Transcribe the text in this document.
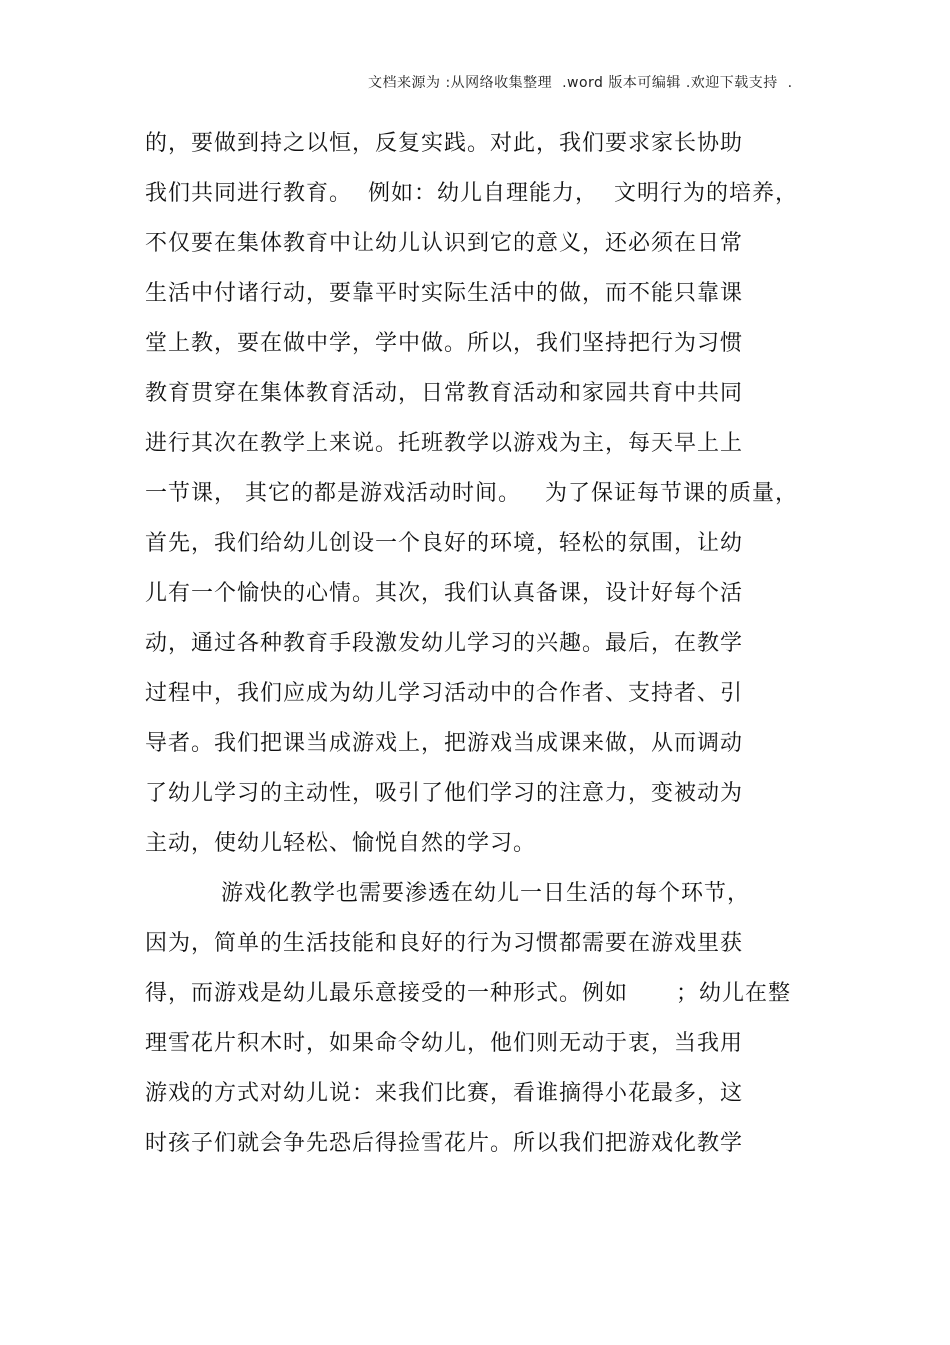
文档来源为 :从网络收集整理  .word 版本可编辑 .欢迎下载支持  .
的，要做到持之以恒，反复实践。对此，我们要求家长协助
我们共同进行教育。  例如：幼儿自理能力，  文明行为的培养，
不仅要在集体教育中让幼儿认识到它的意义，还必须在日常
生活中付诸行动，要靠平时实际生活中的做，而不能只靠课
堂上教，要在做中学，学中做。所以，我们坚持把行为习惯
教育贯穿在集体教育活动，日常教育活动和家园共育中共同
进行其次在教学上来说。托班教学以游戏为主，每天早上上
一节课， 其它的都是游戏活动时间。   为了保证每节课的质量，
首先，我们给幼儿创设一个良好的环境，轻松的氛围，让幼
儿有一个愉快的心情。其次，我们认真备课，设计好每个活
动，通过各种教育手段激发幼儿学习的兴趣。最后，在教学
过程中，我们应成为幼儿学习活动中的合作者、支持者、引
导者。我们把课当成游戏上，把游戏当成课来做，从而调动
了幼儿学习的主动性，吸引了他们学习的注意力，变被动为
主动，使幼儿轻松、愉悦自然的学习。
游戏化教学也需要渗透在幼儿一日生活的每个环节，
因为，简单的生活技能和良好的行为习惯都需要在游戏里获
得，而游戏是幼儿最乐意接受的一种形式。例如      ；幼儿在整
理雪花片积木时，如果命令幼儿，他们则无动于衷，当我用
游戏的方式对幼儿说：来我们比赛，看谁摘得小花最多，这
时孩子们就会争先恐后得捡雪花片。所以我们把游戏化教学
